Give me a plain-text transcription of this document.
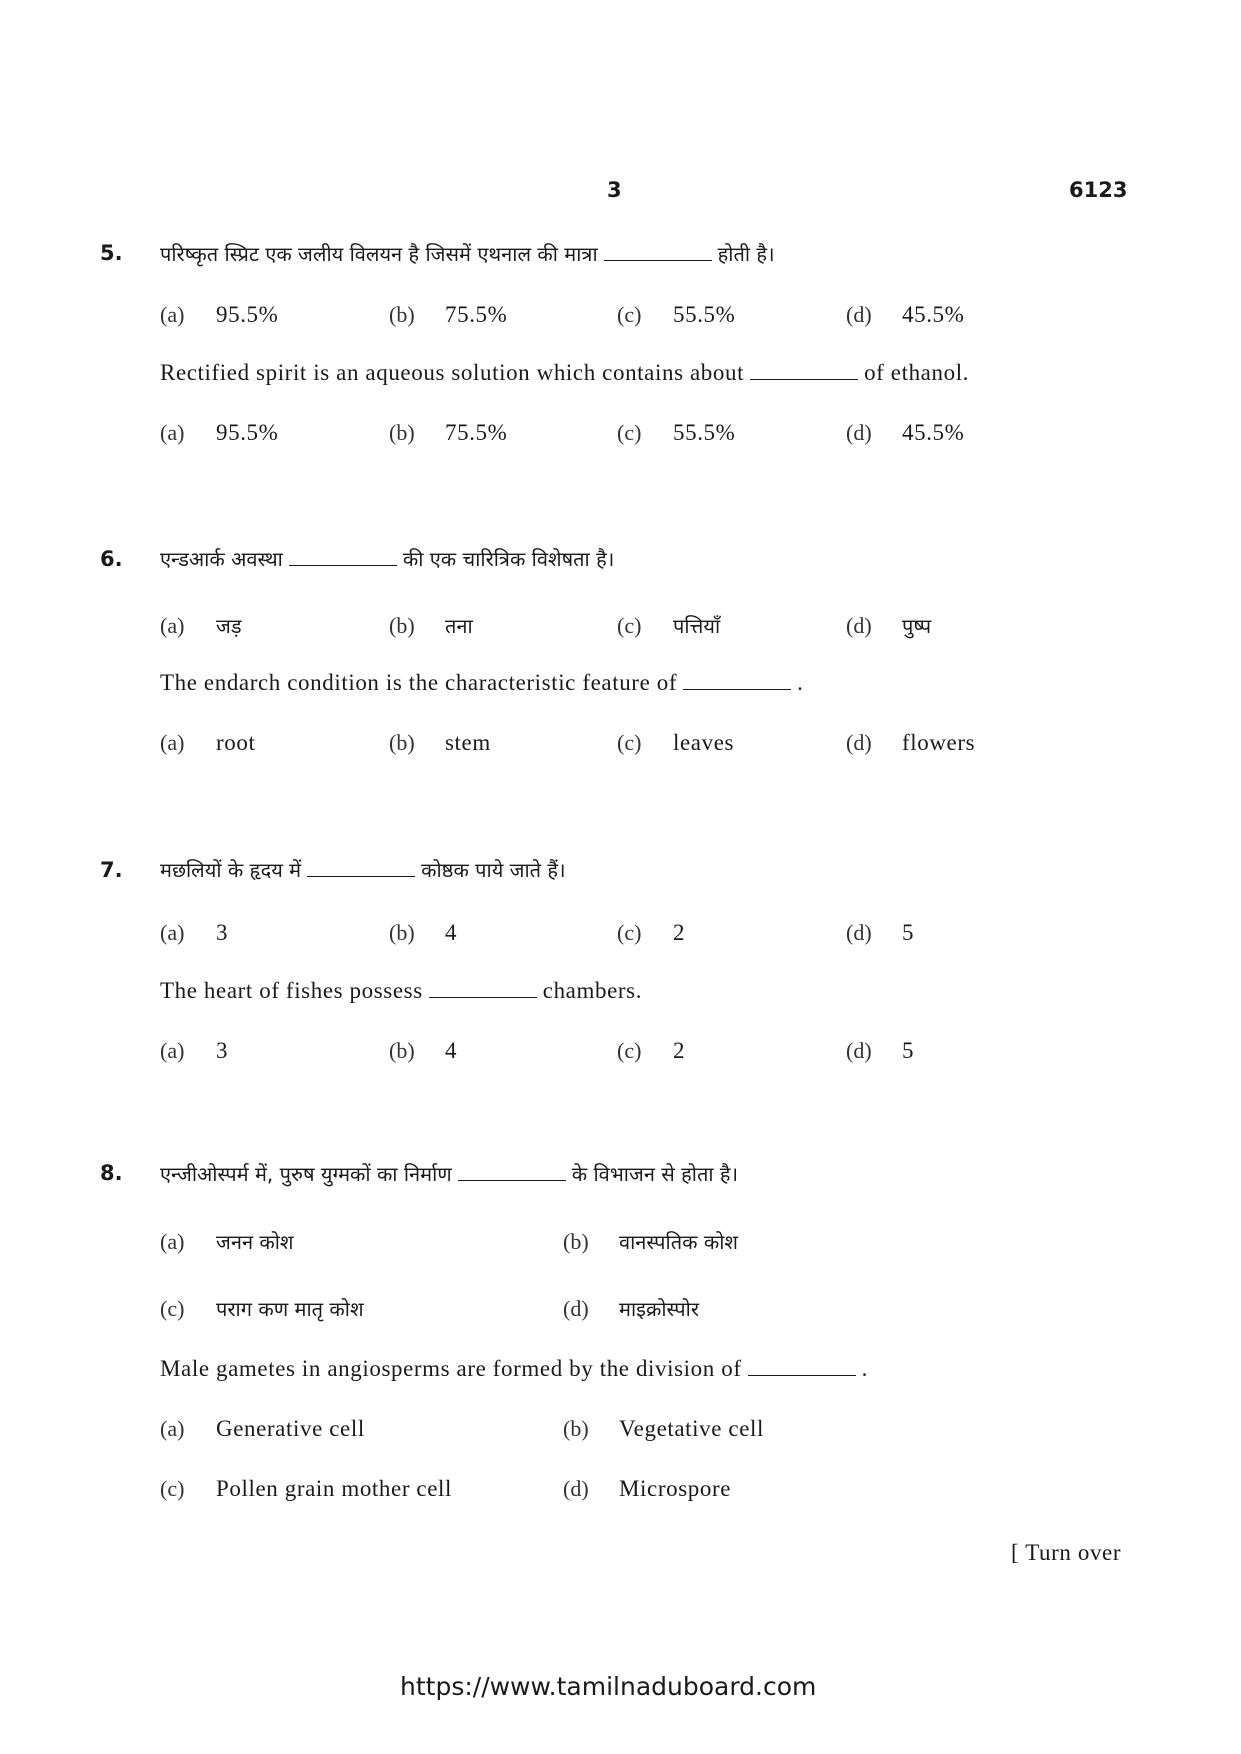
3	6123
5. परिष्कृत स्प्रिट एक जलीय विलयन है जिसमें एथनाल की मात्रा	होती है।
(a) 95.5%	(b) 75.5%	(c) 55.5%	(d) 45.5%
Rectified spirit is an aqueous solution which contains about	of ethanol.
(a) 95.5%	(b) 75.5%	(c) 55.5%	(d) 45.5%
6. एन्डआर्क अवस्था	की एक चारित्रिक विशेषता है।
(a) जड़	(b) तना	(c) पत्तियाँ	(d) पुष्प
The endarch condition is the characteristic feature of	.
(a) root	(b) stem	(c) leaves	(d) flowers
7. मछलियों के हृदय में	कोष्ठक पाये जाते हैं।
(a) 3	(b) 4	(c) 2	(d) 5
The heart of fishes possess	chambers.
(a) 3	(b) 4	(c) 2	(d) 5
8. एन्जीओस्पर्म में, पुरुष युग्मकों का निर्माण	के विभाजन से होता है।
(a) जनन कोश	(b) वानस्पतिक कोश
(c) पराग कण मातृ कोश	(d) माइक्रोस्पोर
Male gametes in angiosperms are formed by the division of	.
(a) Generative cell	(b) Vegetative cell
(c) Pollen grain mother cell	(d) Microspore
[ Turn over
https://www.tamilnaduboard.com
